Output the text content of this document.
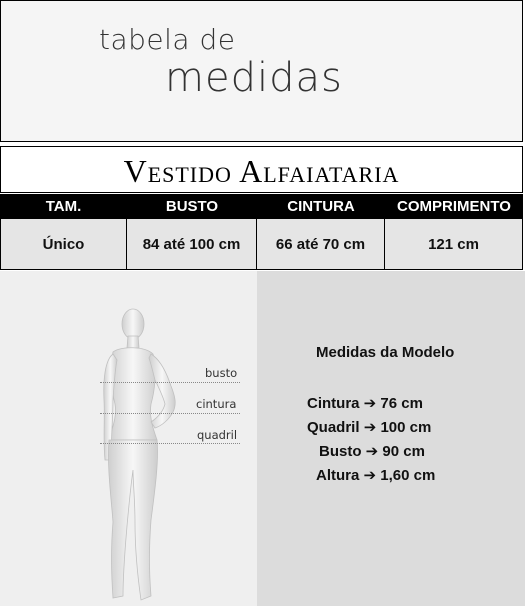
tabela de
medidas
Vestido Alfaiataria
TAM.	BUSTO	CINTURA	COMPRIMENTO
Único	84 até 100 cm	66 até 70 cm	121 cm
busto
cintura
quadril
Medidas da Modelo
Cintura ➔ 76 cm
Quadril ➔ 100 cm
Busto ➔ 90 cm
Altura ➔ 1,60 cm
